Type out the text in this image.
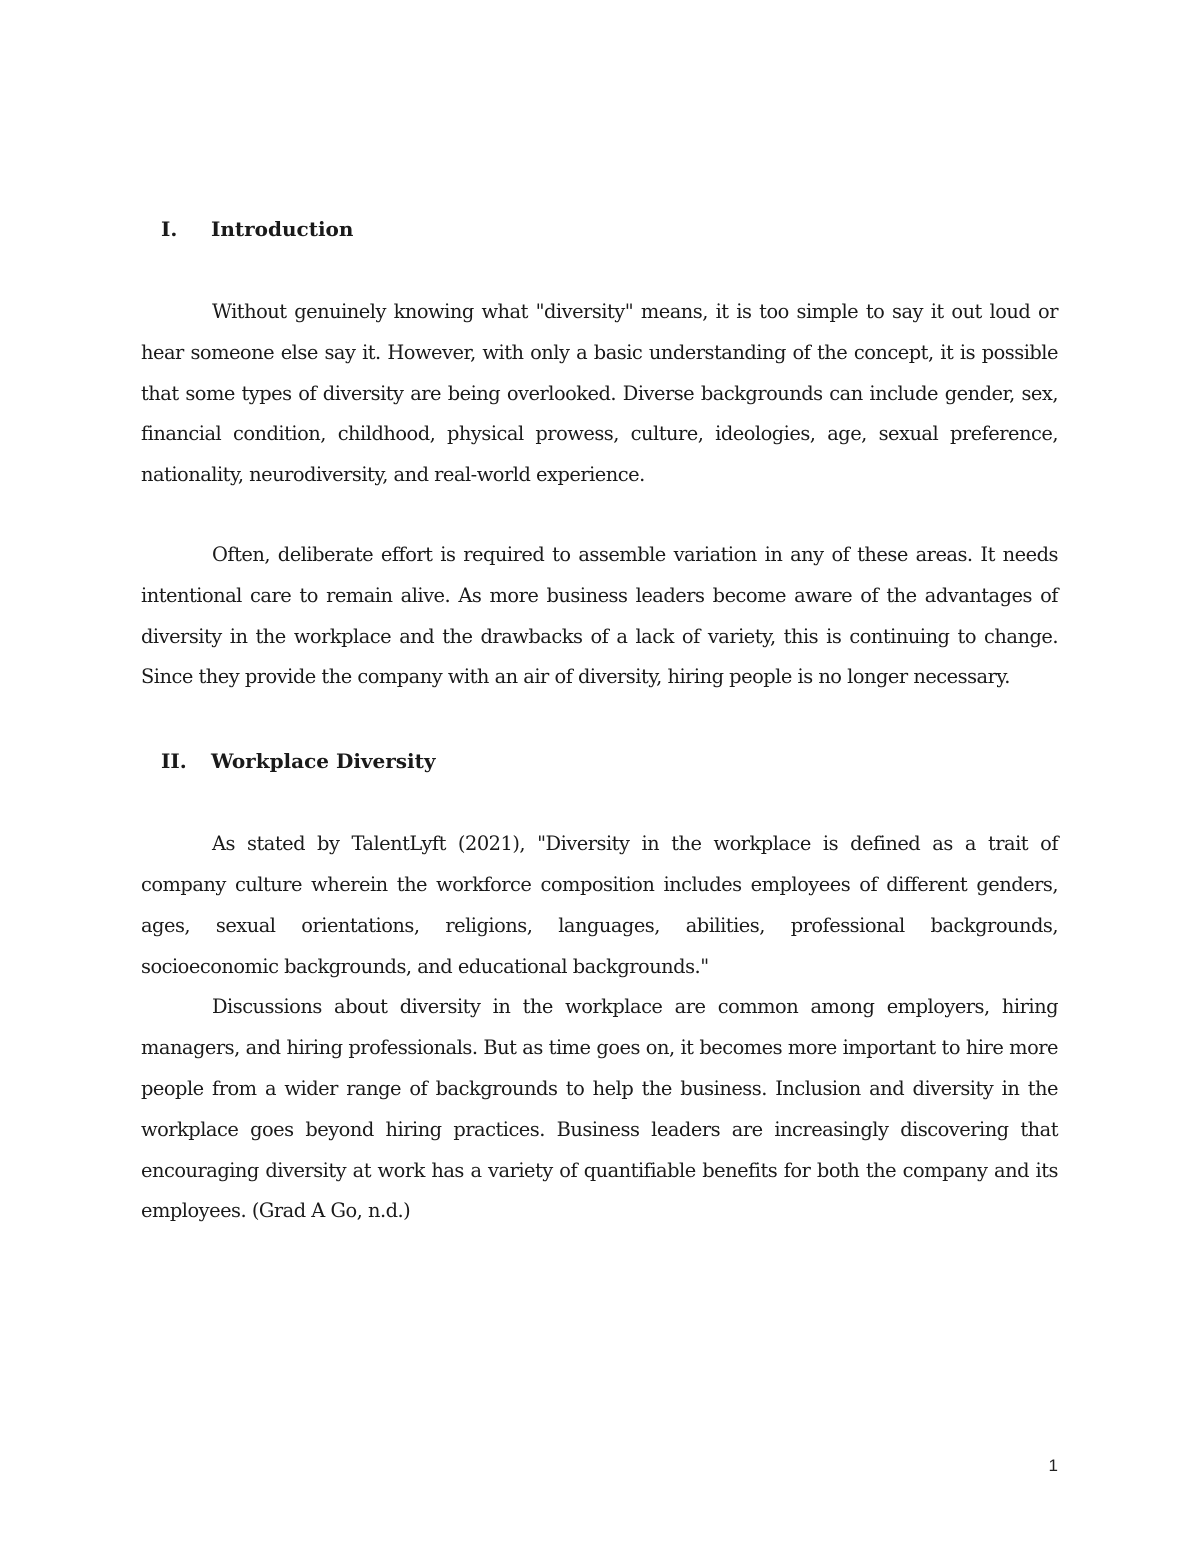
I.	Introduction

Without genuinely knowing what "diversity" means, it is too simple to say it out loud or hear someone else say it. However, with only a basic understanding of the concept, it is possible that some types of diversity are being overlooked. Diverse backgrounds can include gender, sex, financial condition, childhood, physical prowess, culture, ideologies, age, sexual preference, nationality, neurodiversity, and real-world experience.

Often, deliberate effort is required to assemble variation in any of these areas. It needs intentional care to remain alive. As more business leaders become aware of the advantages of diversity in the workplace and the drawbacks of a lack of variety, this is continuing to change. Since they provide the company with an air of diversity, hiring people is no longer necessary.

II.	Workplace Diversity

As stated by TalentLyft (2021), "Diversity in the workplace is defined as a trait of company culture wherein the workforce composition includes employees of different genders, ages, sexual orientations, religions, languages, abilities, professional backgrounds, socioeconomic backgrounds, and educational backgrounds."

Discussions about diversity in the workplace are common among employers, hiring managers, and hiring professionals. But as time goes on, it becomes more important to hire more people from a wider range of backgrounds to help the business. Inclusion and diversity in the workplace goes beyond hiring practices. Business leaders are increasingly discovering that encouraging diversity at work has a variety of quantifiable benefits for both the company and its employees. (Grad A Go, n.d.)

1
